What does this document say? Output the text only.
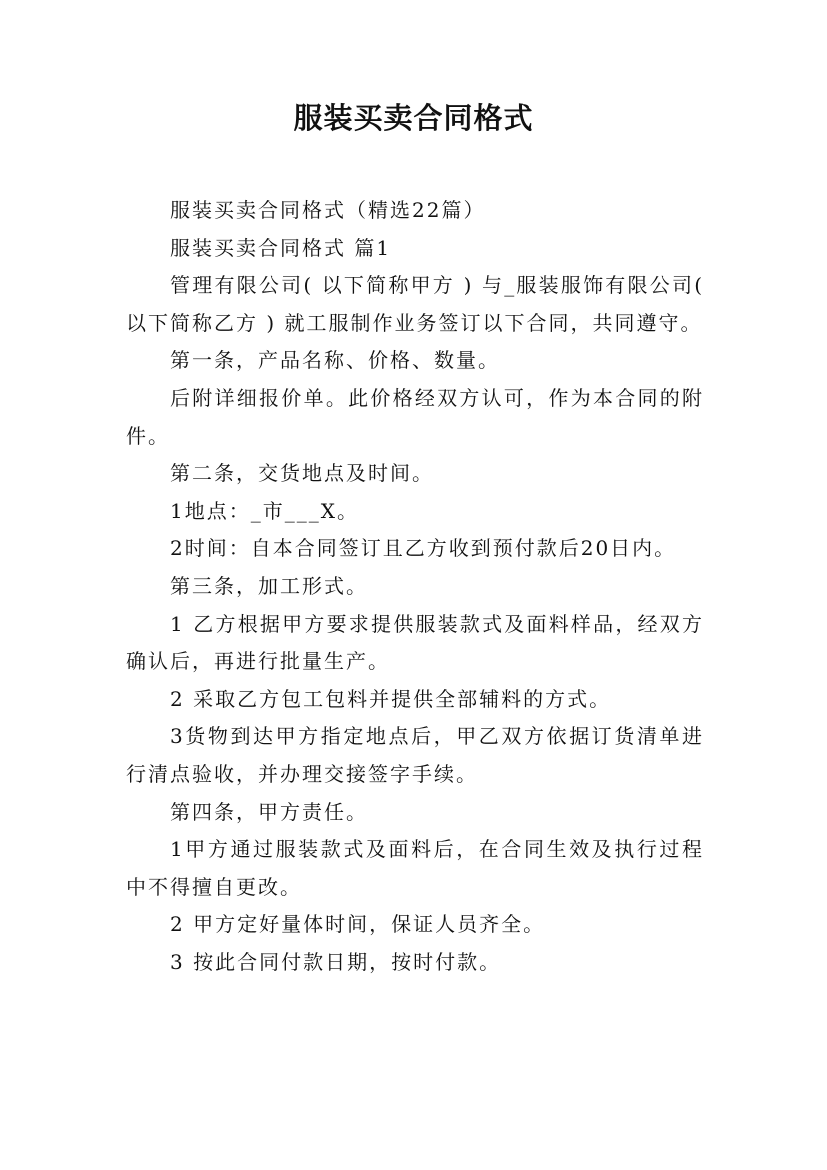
服装买卖合同格式

服装买卖合同格式（精选22篇）

服装买卖合同格式 篇1

管理有限公司( 以下简称甲方 ) 与_服装服饰有限公司( 以下简称乙方 ) 就工服制作业务签订以下合同，共同遵守。

第一条，产品名称、价格、数量。

后附详细报价单。此价格经双方认可，作为本合同的附件。

第二条，交货地点及时间。

1地点：_市___X。

2时间：自本合同签订且乙方收到预付款后20日内。

第三条，加工形式。

1 乙方根据甲方要求提供服装款式及面料样品，经双方确认后，再进行批量生产。

2 采取乙方包工包料并提供全部辅料的方式。

3货物到达甲方指定地点后，甲乙双方依据订货清单进行清点验收，并办理交接签字手续。

第四条，甲方责任。

1甲方通过服装款式及面料后，在合同生效及执行过程中不得擅自更改。

2 甲方定好量体时间，保证人员齐全。

3 按此合同付款日期，按时付款。
